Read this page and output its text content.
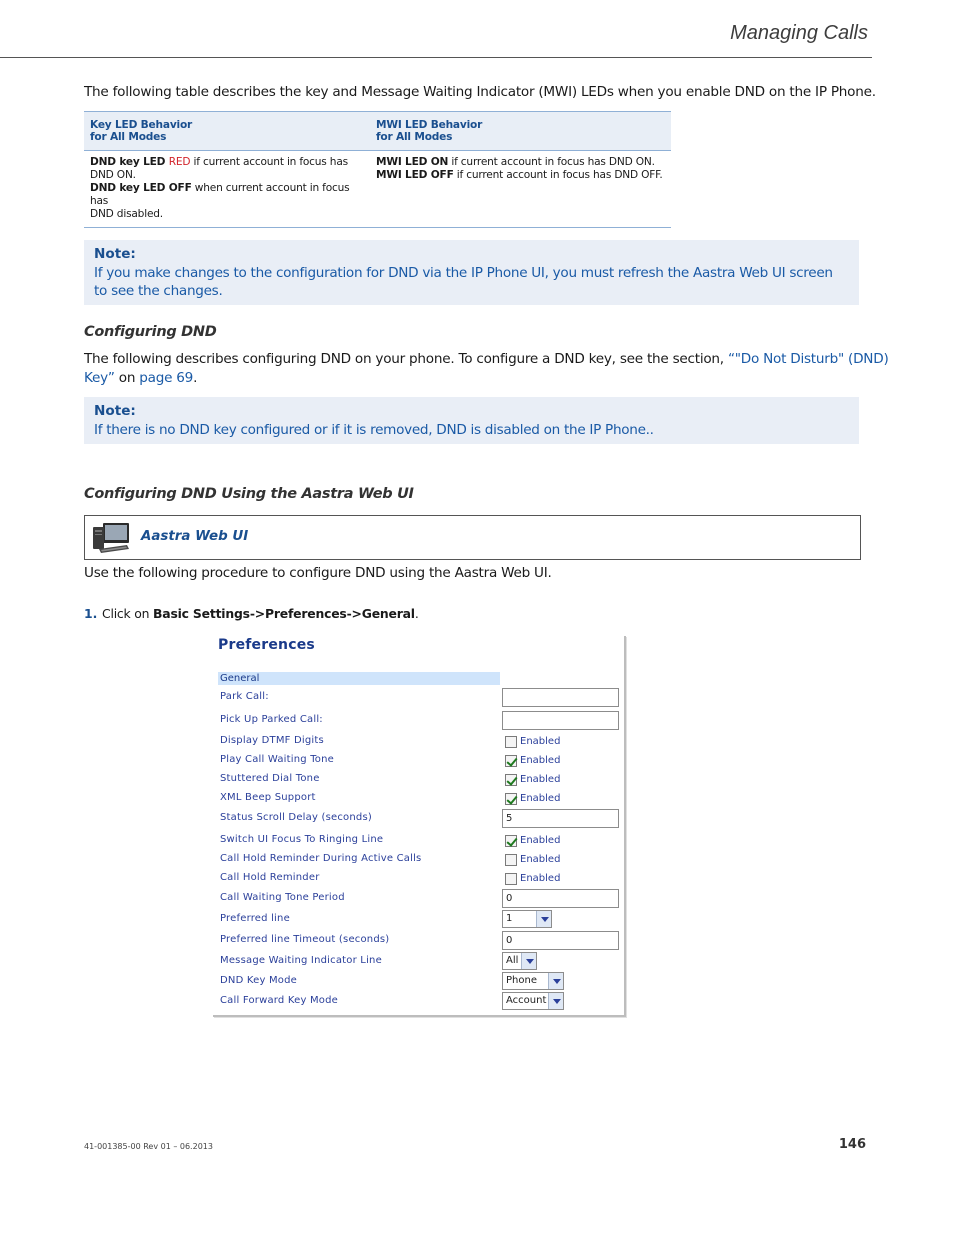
Managing Calls
The following table describes the key and Message Waiting Indicator (MWI) LEDs when you enable DND on the IP Phone.
Key LED Behavior
for All Modes	MWI LED Behavior
for All Modes

DND key LED RED if current account in focus has
DND ON.
DND key LED OFF when current account in focus has
DND disabled.	MWI LED ON if current account in focus has DND ON.
MWI LED OFF if current account in focus has DND OFF.
Note:
If you make changes to the configuration for DND via the IP Phone UI, you must refresh the Aastra Web UI screen to see the changes.
Configuring DND
The following describes configuring DND on your phone. To configure a DND key, see the section, “"Do Not Disturb" (DND)
Key” on page 69.
Note:
If there is no DND key configured or if it is removed, DND is disabled on the IP Phone..
Configuring DND Using the Aastra Web UI
Aastra Web UI
Use the following procedure to configure DND using the Aastra Web UI.
1. Click on Basic Settings->Preferences->General.
Preferences
General
Park Call:
Pick Up Parked Call:
Display DTMF Digits	Enabled
Play Call Waiting Tone	Enabled
Stuttered Dial Tone	Enabled
XML Beep Support	Enabled
Status Scroll Delay (seconds)	5
Switch UI Focus To Ringing Line	Enabled
Call Hold Reminder During Active Calls	Enabled
Call Hold Reminder	Enabled
Call Waiting Tone Period	0
Preferred line	1
Preferred line Timeout (seconds)	0
Message Waiting Indicator Line	All
DND Key Mode	Phone
Call Forward Key Mode	Account
41-001385-00 Rev 01 – 06.2013	146
